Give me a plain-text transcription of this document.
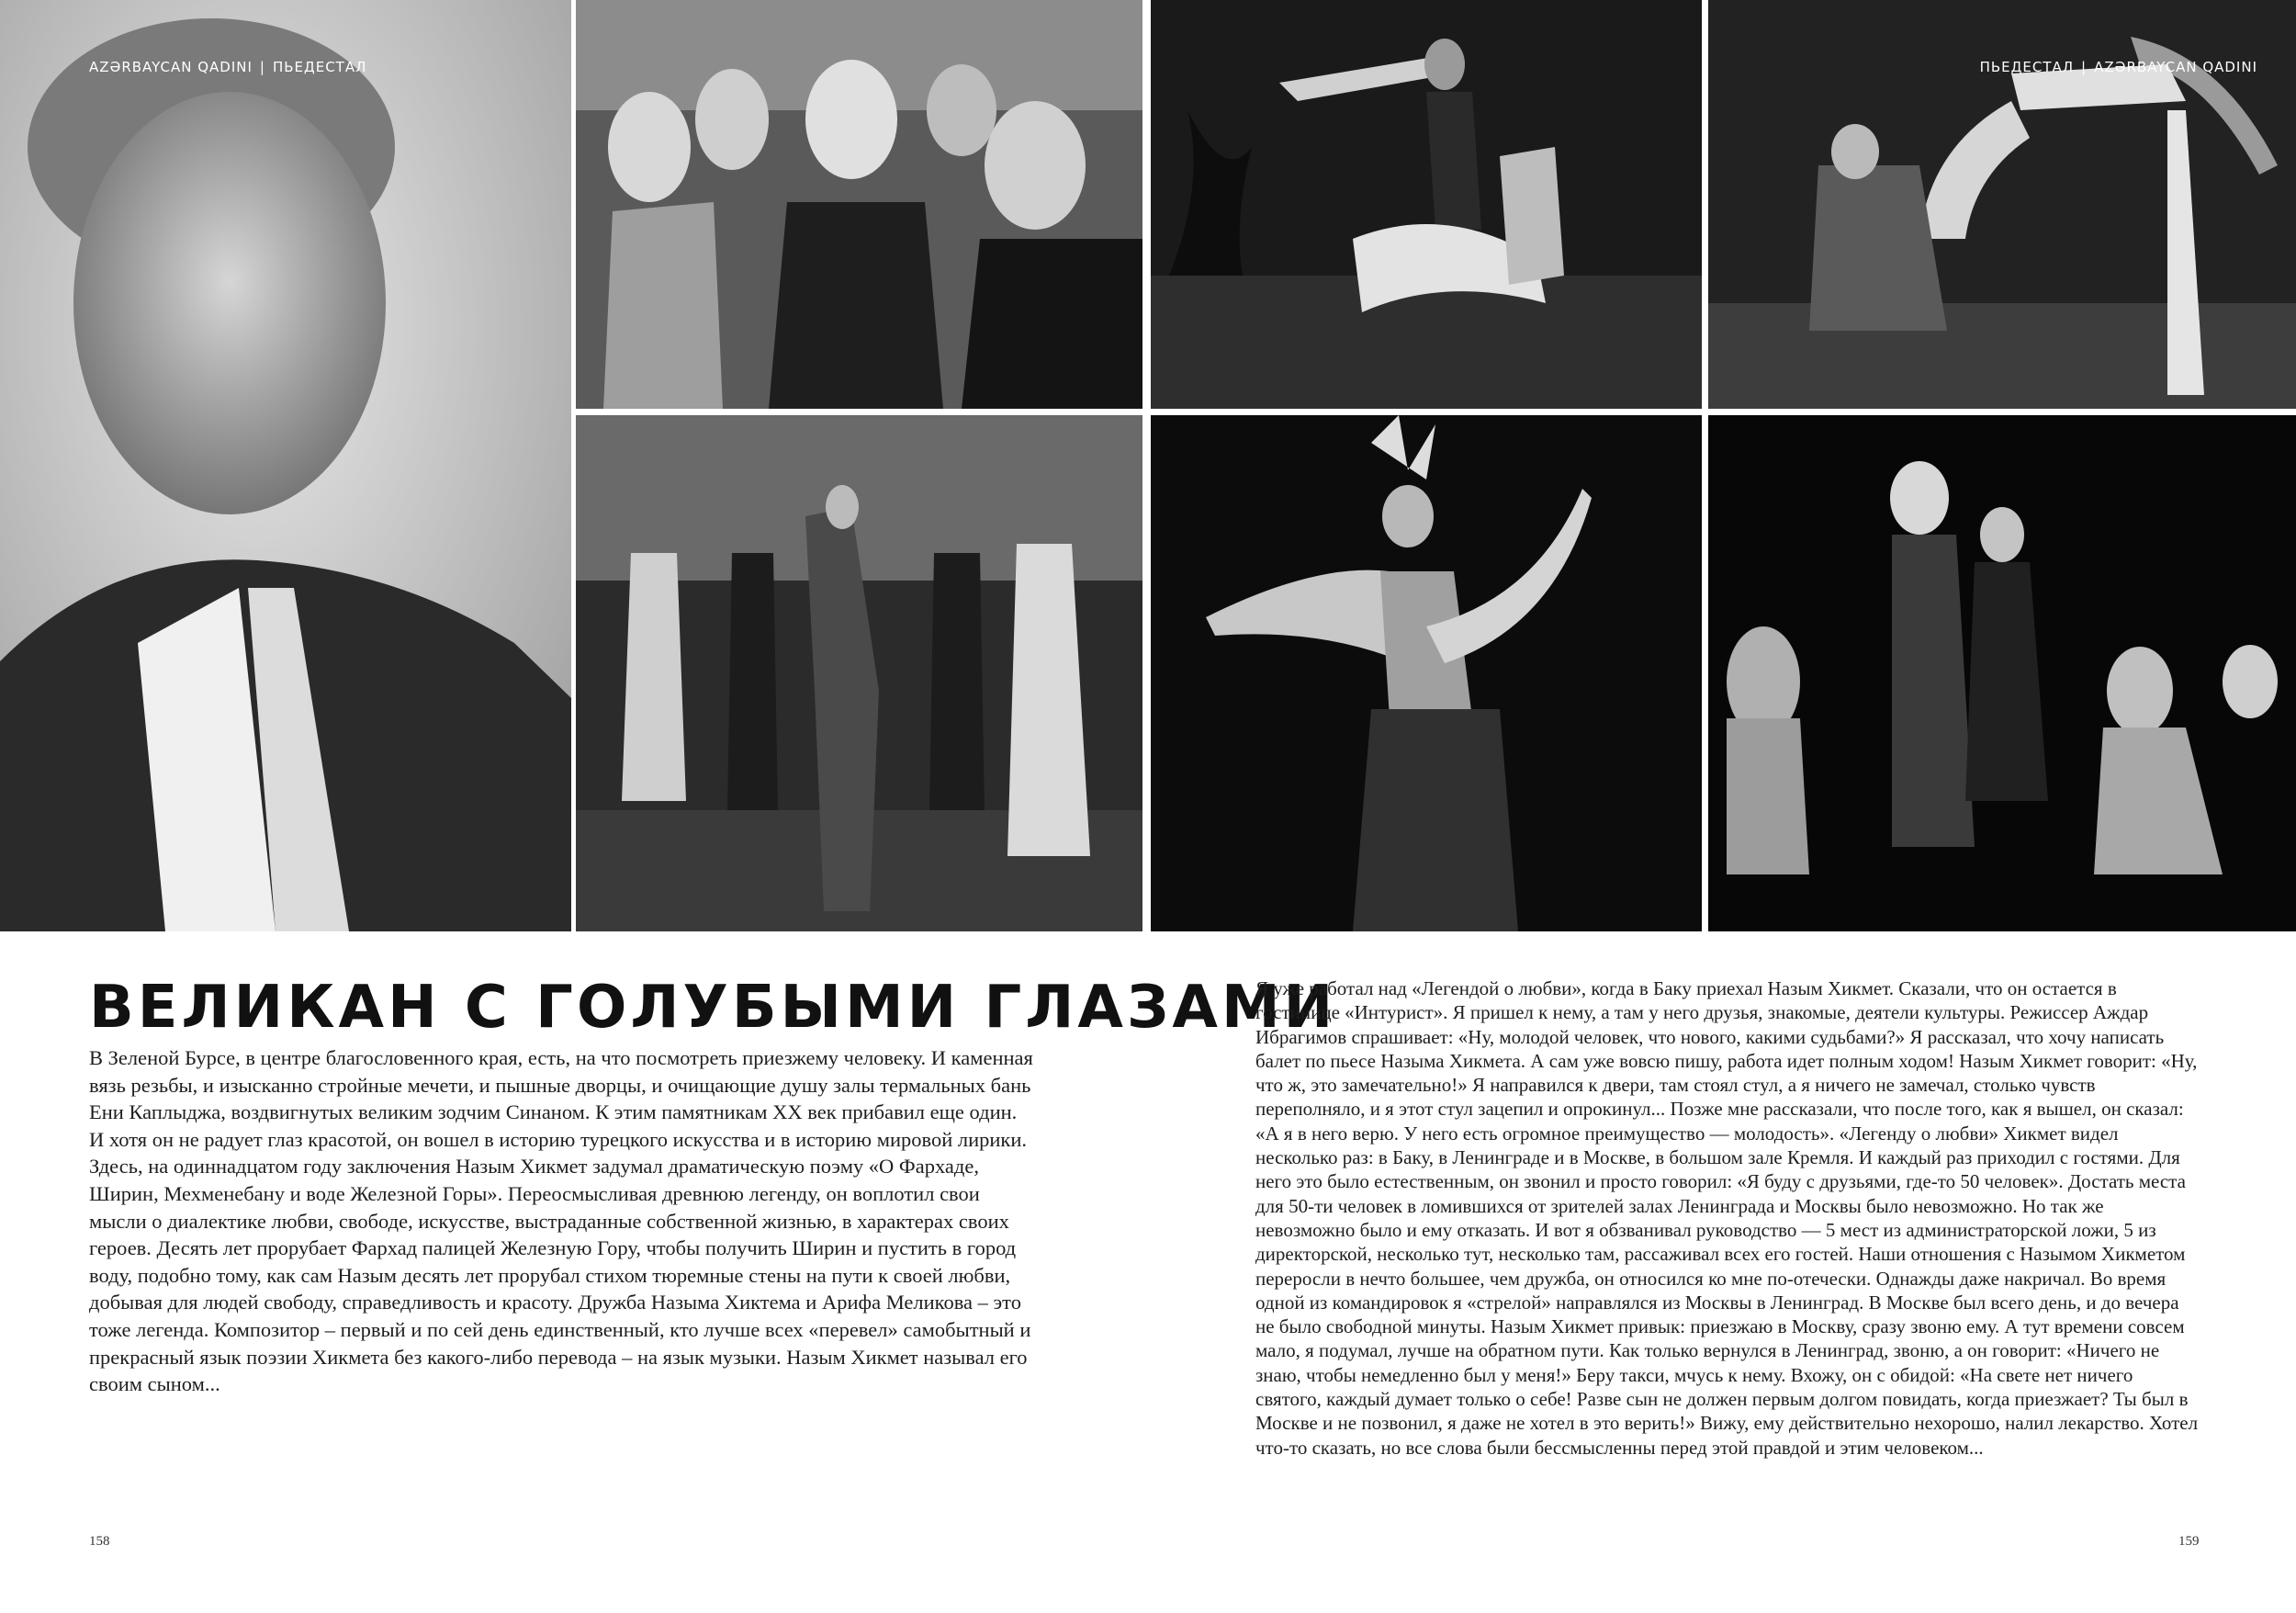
AZƏRBAYCAN QADINI | ПЬЕДЕСТАЛ	ПЬЕДЕСТАЛ | AZƏRBAYCAN QADINI
ВЕЛИКАН С ГОЛУБЫМИ ГЛАЗАМИ

В Зеленой Бурсе, в центре благословенного края, есть, на что посмотреть приезжему человеку. И каменная вязь резьбы, и изысканно стройные мечети, и пышные дворцы, и очищающие душу залы термальных бань Ени Каплыджа, воздвигнутых великим зодчим Синаном. К этим памятникам XX век прибавил еще один. И хотя он не радует глаз красотой, он вошел в историю турецкого искусства и в историю мировой лирики. Здесь, на одиннадцатом году заключения Назым Хикмет задумал драматическую поэму «О Фархаде, Ширин, Мехменебану и воде Железной Горы». Переосмысливая древнюю легенду, он воплотил свои мысли о диалектике любви, свободе, искусстве, выстраданные собственной жизнью, в характерах своих героев. Десять лет прорубает Фархад палицей Железную Гору, чтобы получить Ширин и пустить в город воду, подобно тому, как сам Назым десять лет прорубал стихом тюремные стены на пути к своей любви, добывая для людей свободу, справедливость и красоту. Дружба Назыма Хиктема и Арифа Меликова – это тоже легенда. Композитор – первый и по сей день единственный, кто лучше всех «перевел» самобытный и прекрасный язык поэзии Хикмета без какого-либо перевода – на язык музыки. Назым Хикмет называл его своим сыном...

Я уже работал над «Легендой о любви», когда в Баку приехал Назым Хикмет. Сказали, что он остается в гостинице «Интурист». Я пришел к нему, а там у него друзья, знакомые, деятели культуры. Режиссер Аждар Ибрагимов спрашивает: «Ну, молодой человек, что нового, какими судьбами?» Я рассказал, что хочу написать балет по пьесе Назыма Хикмета. А сам уже вовсю пишу, работа идет полным ходом! Назым Хикмет говорит: «Ну, что ж, это замечательно!» Я направился к двери, там стоял стул, а я ничего не замечал, столько чувств переполняло, и я этот стул зацепил и опрокинул... Позже мне рассказали, что после того, как я вышел, он сказал: «А я в него верю. У него есть огромное преимущество — молодость». «Легенду о любви» Хикмет видел несколько раз: в Баку, в Ленинграде и в Москве, в большом зале Кремля. И каждый раз приходил с гостями. Для него это было естественным, он звонил и просто говорил: «Я буду с друзьями, где-то 50 человек». Достать места для 50-ти человек в ломившихся от зрителей залах Ленинграда и Москвы было невозможно. Но так же невозможно было и ему отказать. И вот я обзванивал руководство — 5 мест из администраторской ложи, 5 из директорской, несколько тут, несколько там, рассаживал всех его гостей. Наши отношения с Назымом Хикметом переросли в нечто большее, чем дружба, он относился ко мне по-отечески. Однажды даже накричал. Во время одной из командировок я «стрелой» направлялся из Москвы в Ленинград. В Москве был всего день, и до вечера не было свободной минуты. Назым Хикмет привык: приезжаю в Москву, сразу звоню ему. А тут времени совсем мало, я подумал, лучше на обратном пути. Как только вернулся в Ленинград, звоню, а он говорит: «Ничего не знаю, чтобы немедленно был у меня!» Беру такси, мчусь к нему. Вхожу, он с обидой: «На свете нет ничего святого, каждый думает только о себе! Разве сын не должен первым долгом повидать, когда приезжает? Ты был в Москве и не позвонил, я даже не хотел в это верить!» Вижу, ему действительно нехорошо, налил лекарство. Хотел что-то сказать, но все слова были бессмысленны перед этой правдой и этим человеком...

158	159
